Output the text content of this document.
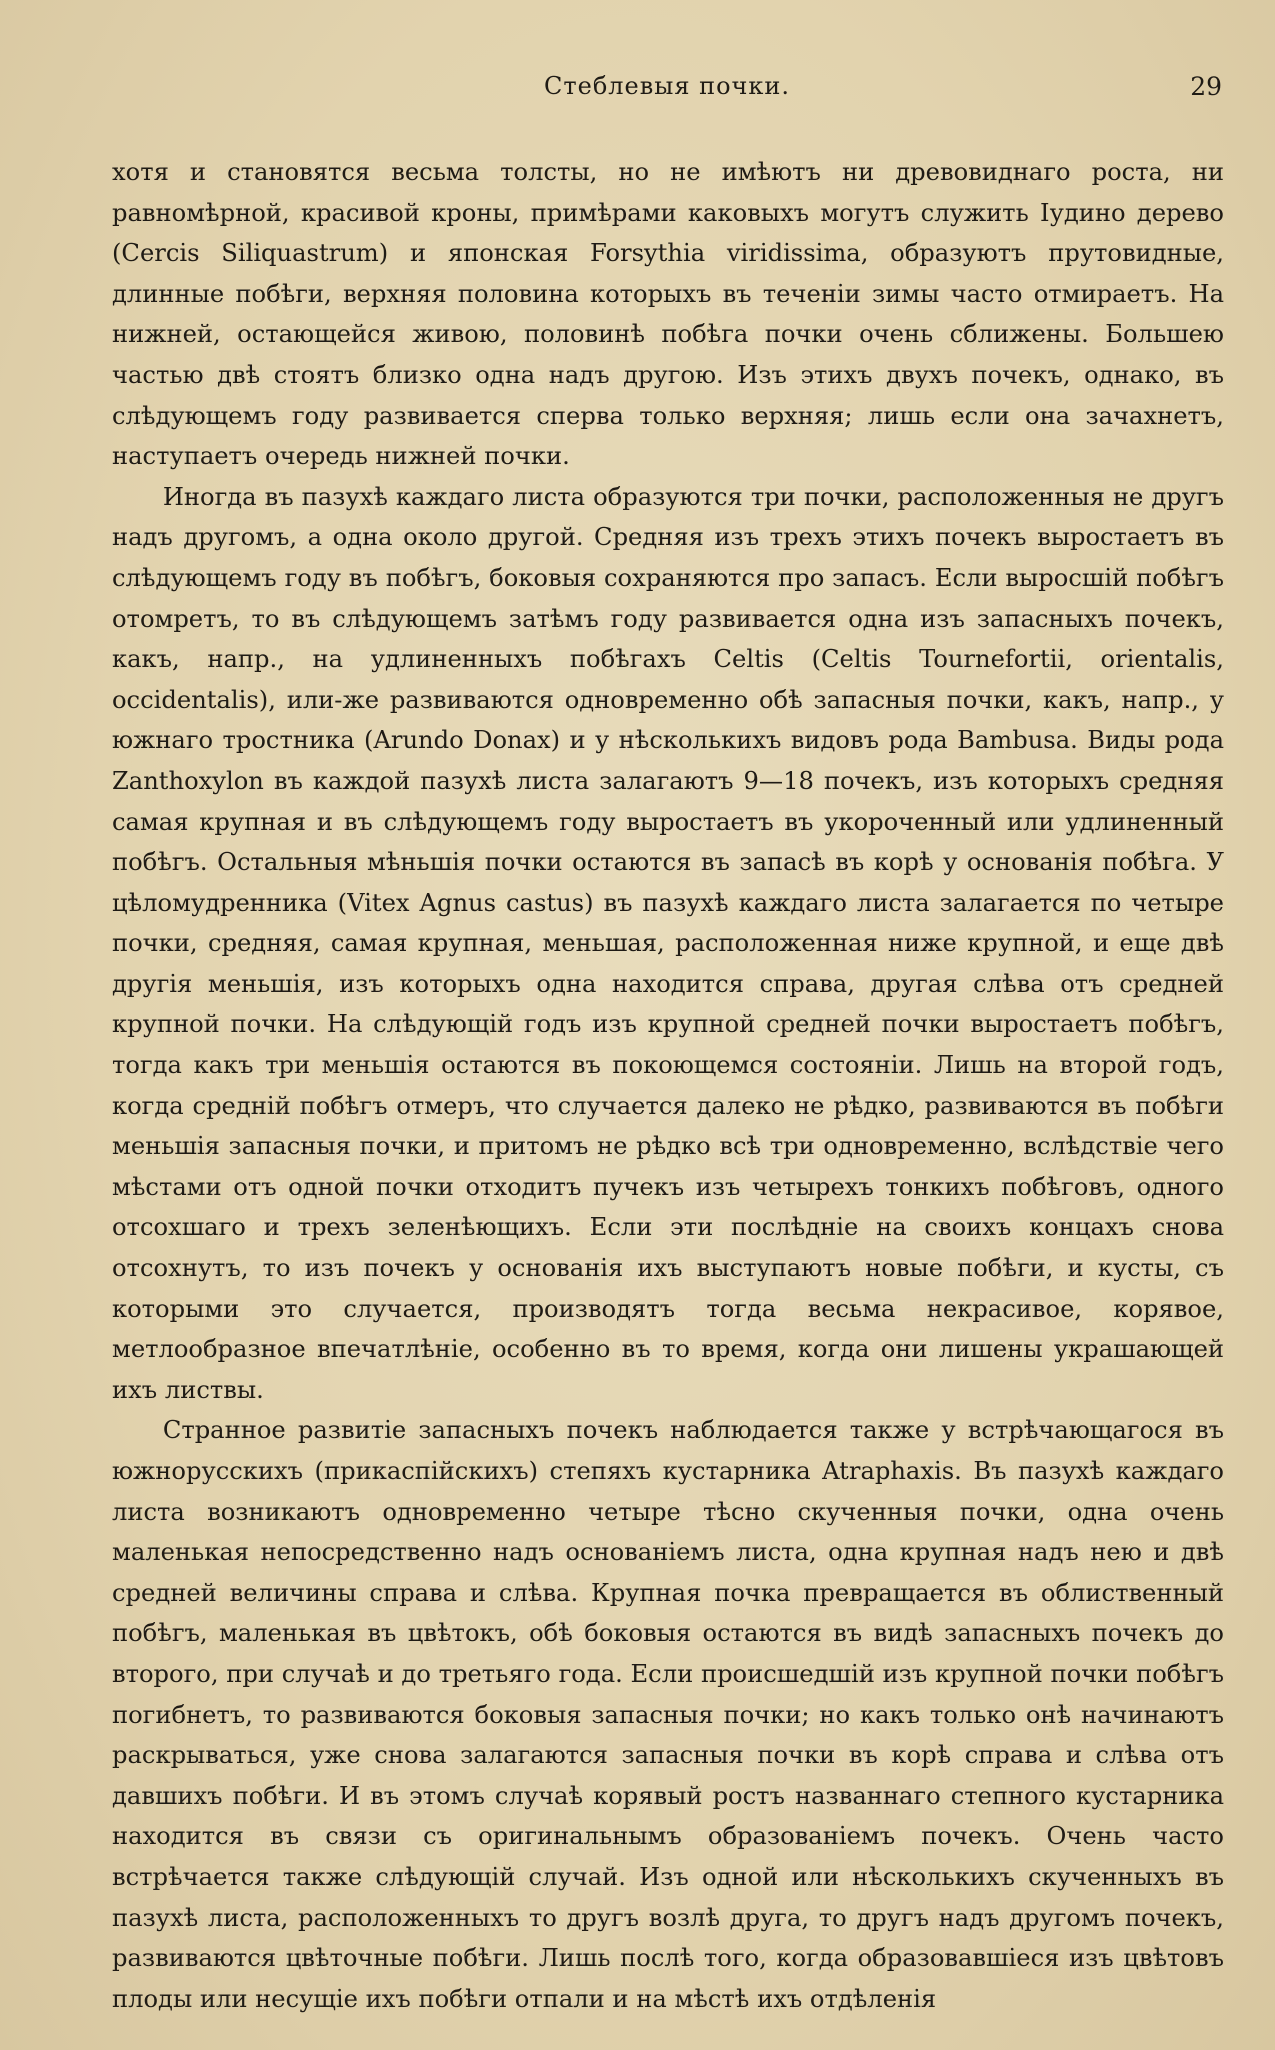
Стеблевыя почки.	29

хотя и становятся весьма толсты, но не имѣютъ ни древовиднаго роста, ни равномѣрной, красивой кроны, примѣрами каковыхъ могутъ служить Іудино дерево (Cercis Siliquastrum) и японская Forsythia viridissima, образуютъ прутовидные, длинные побѣги, верхняя половина которыхъ въ теченіи зимы часто отмираетъ. На нижней, остающейся живою, половинѣ побѣга почки очень сближены. Большею частью двѣ стоятъ близко одна надъ другою. Изъ этихъ двухъ почекъ, однако, въ слѣдующемъ году развивается сперва только верхняя; лишь если она зачахнетъ, наступаетъ очередь нижней почки.

Иногда въ пазухѣ каждаго листа образуются три почки, расположенныя не другъ надъ другомъ, а одна около другой. Средняя изъ трехъ этихъ почекъ выростаетъ въ слѣдующемъ году въ побѣгъ, боковыя сохраняются про запасъ. Если выросшій побѣгъ отомретъ, то въ слѣдующемъ затѣмъ году развивается одна изъ запасныхъ почекъ, какъ, напр., на удлиненныхъ побѣгахъ Celtis (Celtis Tournefortii, orientalis, occidentalis), или-же развиваются одновременно обѣ запасныя почки, какъ, напр., у южнаго тростника (Arundo Donax) и у нѣсколькихъ видовъ рода Bambusa. Виды рода Zanthoxylon въ каждой пазухѣ листа залагаютъ 9—18 почекъ, изъ которыхъ средняя самая крупная и въ слѣдующемъ году выростаетъ въ укороченный или удлиненный побѣгъ. Остальныя мѣньшія почки остаются въ запасѣ въ корѣ у основанія побѣга. У цѣломудренника (Vitex Agnus castus) въ пазухѣ каждаго листа залагается по четыре почки, средняя, самая крупная, меньшая, расположенная ниже крупной, и еще двѣ другія меньшія, изъ которыхъ одна находится справа, другая слѣва отъ средней крупной почки. На слѣдующій годъ изъ крупной средней почки выростаетъ побѣгъ, тогда какъ три меньшія остаются въ покоющемся состояніи. Лишь на второй годъ, когда средній побѣгъ отмеръ, что случается далеко не рѣдко, развиваются въ побѣги меньшія запасныя почки, и притомъ не рѣдко всѣ три одновременно, вслѣдствіе чего мѣстами отъ одной почки отходитъ пучекъ изъ четырехъ тонкихъ побѣговъ, одного отсохшаго и трехъ зеленѣющихъ. Если эти послѣдніе на своихъ концахъ снова отсохнутъ, то изъ почекъ у основанія ихъ выступаютъ новые побѣги, и кусты, съ которыми это случается, производятъ тогда весьма некрасивое, корявое, метлообразное впечатлѣніе, особенно въ то время, когда они лишены украшающей ихъ листвы.

Странное развитіе запасныхъ почекъ наблюдается также у встрѣчающагося въ южнорусскихъ (прикаспійскихъ) степяхъ кустарника Atraphaxis. Въ пазухѣ каждаго листа возникаютъ одновременно четыре тѣсно скученныя почки, одна очень маленькая непосредственно надъ основаніемъ листа, одна крупная надъ нею и двѣ средней величины справа и слѣва. Крупная почка превращается въ облиственный побѣгъ, маленькая въ цвѣтокъ, обѣ боковыя остаются въ видѣ запасныхъ почекъ до второго, при случаѣ и до третьяго года. Если происшедшій изъ крупной почки побѣгъ погибнетъ, то развиваются боковыя запасныя почки; но какъ только онѣ начинаютъ раскрываться, уже снова залагаются запасныя почки въ корѣ справа и слѣва отъ давшихъ побѣги. И въ этомъ случаѣ корявый ростъ названнаго степного кустарника находится въ связи съ оригинальнымъ образованіемъ почекъ. Очень часто встрѣчается также слѣдующій случай. Изъ одной или нѣсколькихъ скученныхъ въ пазухѣ листа, расположенныхъ то другъ возлѣ друга, то другъ надъ другомъ почекъ, развиваются цвѣточные побѣги. Лишь послѣ того, когда образовавшіеся изъ цвѣтовъ плоды или несущіе ихъ побѣги отпали и на мѣстѣ ихъ отдѣленія
